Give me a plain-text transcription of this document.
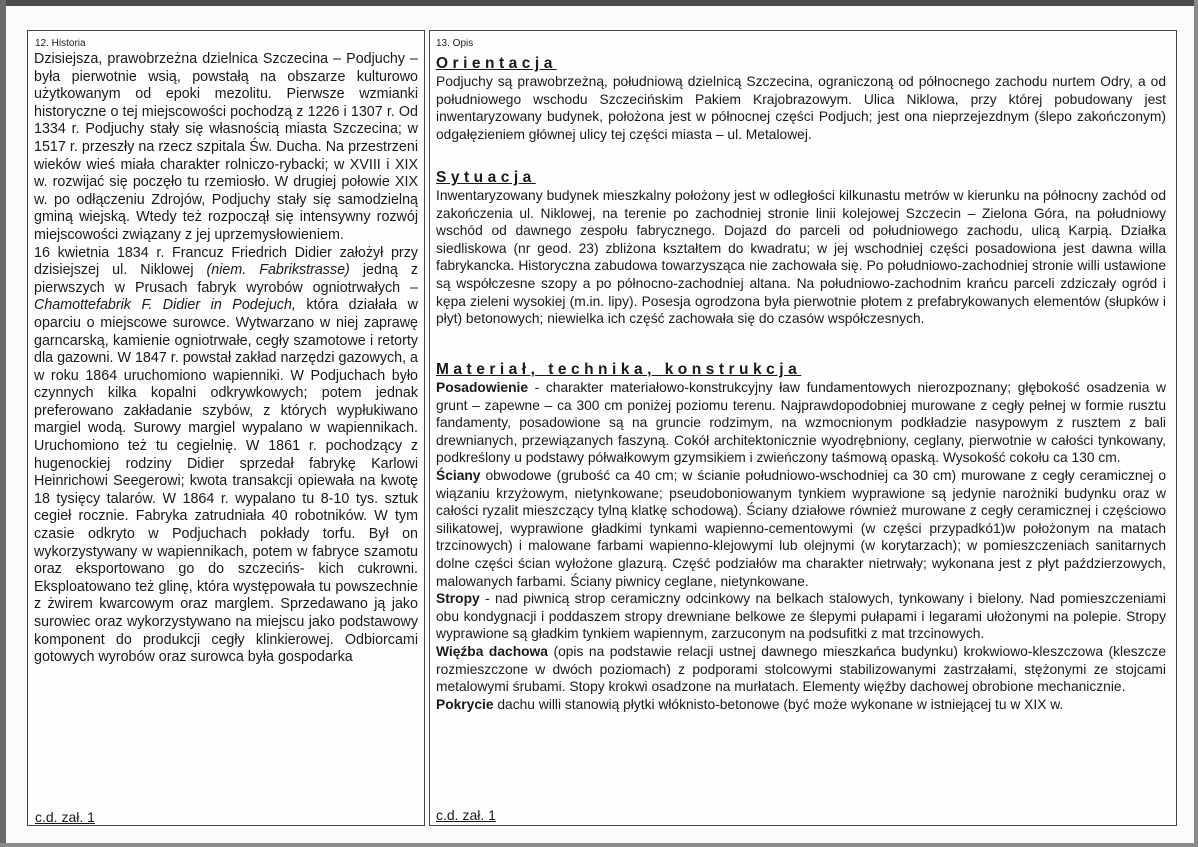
12. Historia

Dzisiejsza, prawobrzeżna dzielnica Szczecina – Podjuchy – była pierwotnie wsią, powstałą na obszarze kulturowo użytkowanym od epoki mezolitu. Pierwsze wzmianki historyczne o tej miejscowości pochodzą z 1226 i 1307 r. Od 1334 r. Podjuchy stały się własnością miasta Szczecina; w 1517 r. przeszły na rzecz szpitala Św. Ducha. Na przestrzeni wieków wieś miała charakter rolniczo-rybacki; w XVIII i XIX w. rozwijać się poczęło tu rzemiosło. W drugiej połowie XIX w. po odłączeniu Zdrojów, Podjuchy stały się samodzielną gminą wiejską. Wtedy też rozpoczął się intensywny rozwój miejscowości związany z jej uprzemysłowieniem.

16 kwietnia 1834 r. Francuz Friedrich Didier założył przy dzisiejszej ul. Niklowej (niem. Fabrikstrasse) jedną z pierwszych w Prusach fabryk wyrobów ogniotrwałych – Chamottefabrik F. Didier in Podejuch, która działała w oparciu o miejscowe surowce. Wytwarzano w niej zaprawę garncarską, kamienie ogniotrwałe, cegły szamotowe i retorty dla gazowni. W 1847 r. powstał zakład narzędzi gazowych, a w roku 1864 uruchomiono wapienniki. W Podjuchach było czynnych kilka kopalni odkrywkowych; potem jednak preferowano zakładanie szybów, z których wypłukiwano margiel wodą. Surowy margiel wypalano w wapiennikach. Uruchomiono też tu cegielnię. W 1861 r. pochodzący z hugenockiej rodziny Didier sprzedał fabrykę Karlowi Heinrichowi Seegerowi; kwota transakcji opiewała na kwotę 18 tysięcy talarów. W 1864 r. wypalano tu 8-10 tys. sztuk cegieł rocznie. Fabryka zatrudniała 40 robotników. W tym czasie odkryto w Podjuchach pokłady torfu. Był on wykorzystywany w wapiennikach, potem w fabryce szamotu oraz eksportowano go do szczecińs- kich cukrowni. Eksploatowano też glinę, która występowała tu powszechnie z żwirem kwarcowym oraz marglem. Sprzedawano ją jako surowiec oraz wykorzystywano na miejscu jako podstawowy komponent do produkcji cegły klinkierowej. Odbiorcami gotowych wyrobów oraz surowca była gospodarka

c.d. zał. 1
13. Opis

Orientacja

Podjuchy są prawobrzeżną, południową dzielnicą Szczecina, ograniczoną od północnego zachodu nurtem Odry, a od południowego wschodu Szczecińskim Pakiem Krajobrazowym. Ulica Niklowa, przy której pobudowany jest inwentaryzowany budynek, położona jest w północnej części Podjuch; jest ona nieprzejezdnym (ślepo zakończonym) odgałęzieniem głównej ulicy tej części miasta – ul. Metalowej.

Sytuacja

Inwentaryzowany budynek mieszkalny położony jest w odległości kilkunastu metrów w kierunku na północny zachód od zakończenia ul. Niklowej, na terenie po zachodniej stronie linii kolejowej Szczecin – Zielona Góra, na południowy wschód od dawnego zespołu fabrycznego. Dojazd do parceli od południowego zachodu, ulicą Karpią. Działka siedliskowa (nr geod. 23) zbliżona kształtem do kwadratu; w jej wschodniej części posadowiona jest dawna willa fabrykancka. Historyczna zabudowa towarzysząca nie zachowała się. Po południowo-zachodniej stronie willi ustawione są współczesne szopy a po północno-zachodniej altana. Na południowo-zachodnim krańcu parceli zdziczały ogród i kępa zieleni wysokiej (m.in. lipy). Posesja ogrodzona była pierwotnie płotem z prefabrykowanych elementów (słupków i płyt) betonowych; niewielka ich część zachowała się do czasów współczesnych.

Materiał, technika, konstrukcja

Posadowienie - charakter materiałowo-konstrukcyjny ław fundamentowych nierozpoznany; głębokość osadzenia w grunt – zapewne – ca 300 cm poniżej poziomu terenu. Najprawdopodobniej murowane z cegły pełnej w formie rusztu fandamenty, posadowione są na gruncie rodzimym, na wzmocnionym podkładzie nasypowym z rusztem z bali drewnianych, przewiązanych faszyną. Cokół architektonicznie wyodrębniony, ceglany, pierwotnie w całości tynkowany, podkreślony u podstawy półwałkowym gzymsikiem i zwieńczony taśmową opaską. Wysokość cokołu ca 130 cm.

Ściany obwodowe (grubość ca 40 cm; w ścianie południowo-wschodniej ca 30 cm) murowane z cegły ceramicznej o wiązaniu krzyżowym, nietynkowane; pseudoboniowanym tynkiem wyprawione są jedynie narożniki budynku oraz w całości ryzalit mieszczący tylną klatkę schodową). Ściany działowe również murowane z cegły ceramicznej i częściowo silikatowej, wyprawione gładkimi tynkami wapienno-cementowymi (w części przypadkó1)w położonym na matach trzcinowych) i malowane farbami wapienno-klejowymi lub olejnymi (w korytarzach); w pomieszczeniach sanitarnych dolne części ścian wyłożone glazurą. Część podziałów ma charakter nietrwały; wykonana jest z płyt paździerzowych, malowanych farbami. Ściany piwnicy ceglane, nietynkowane.

Stropy - nad piwnicą strop ceramiczny odcinkowy na belkach stalowych, tynkowany i bielony. Nad pomieszczeniami obu kondygnacji i poddaszem stropy drewniane belkowe ze ślepymi pułapami i legarami ułożonymi na polepie. Stropy wyprawione są gładkim tynkiem wapiennym, zarzuconym na podsufitki z mat trzcinowych.

Więźba dachowa (opis na podstawie relacji ustnej dawnego mieszkańca budynku) krokwiowo-kleszczowa (kleszcze rozmieszczone w dwóch poziomach) z podporami stolcowymi stabilizowanymi zastrzałami, stężonymi ze stojcami metalowymi śrubami. Stopy krokwi osadzone na murłatach. Elementy więźby dachowej obrobione mechanicznie.

Pokrycie dachu willi stanowią płytki włóknisto-betonowe (być może wykonane w istniejącej tu w XIX w.

c.d. zał. 1
